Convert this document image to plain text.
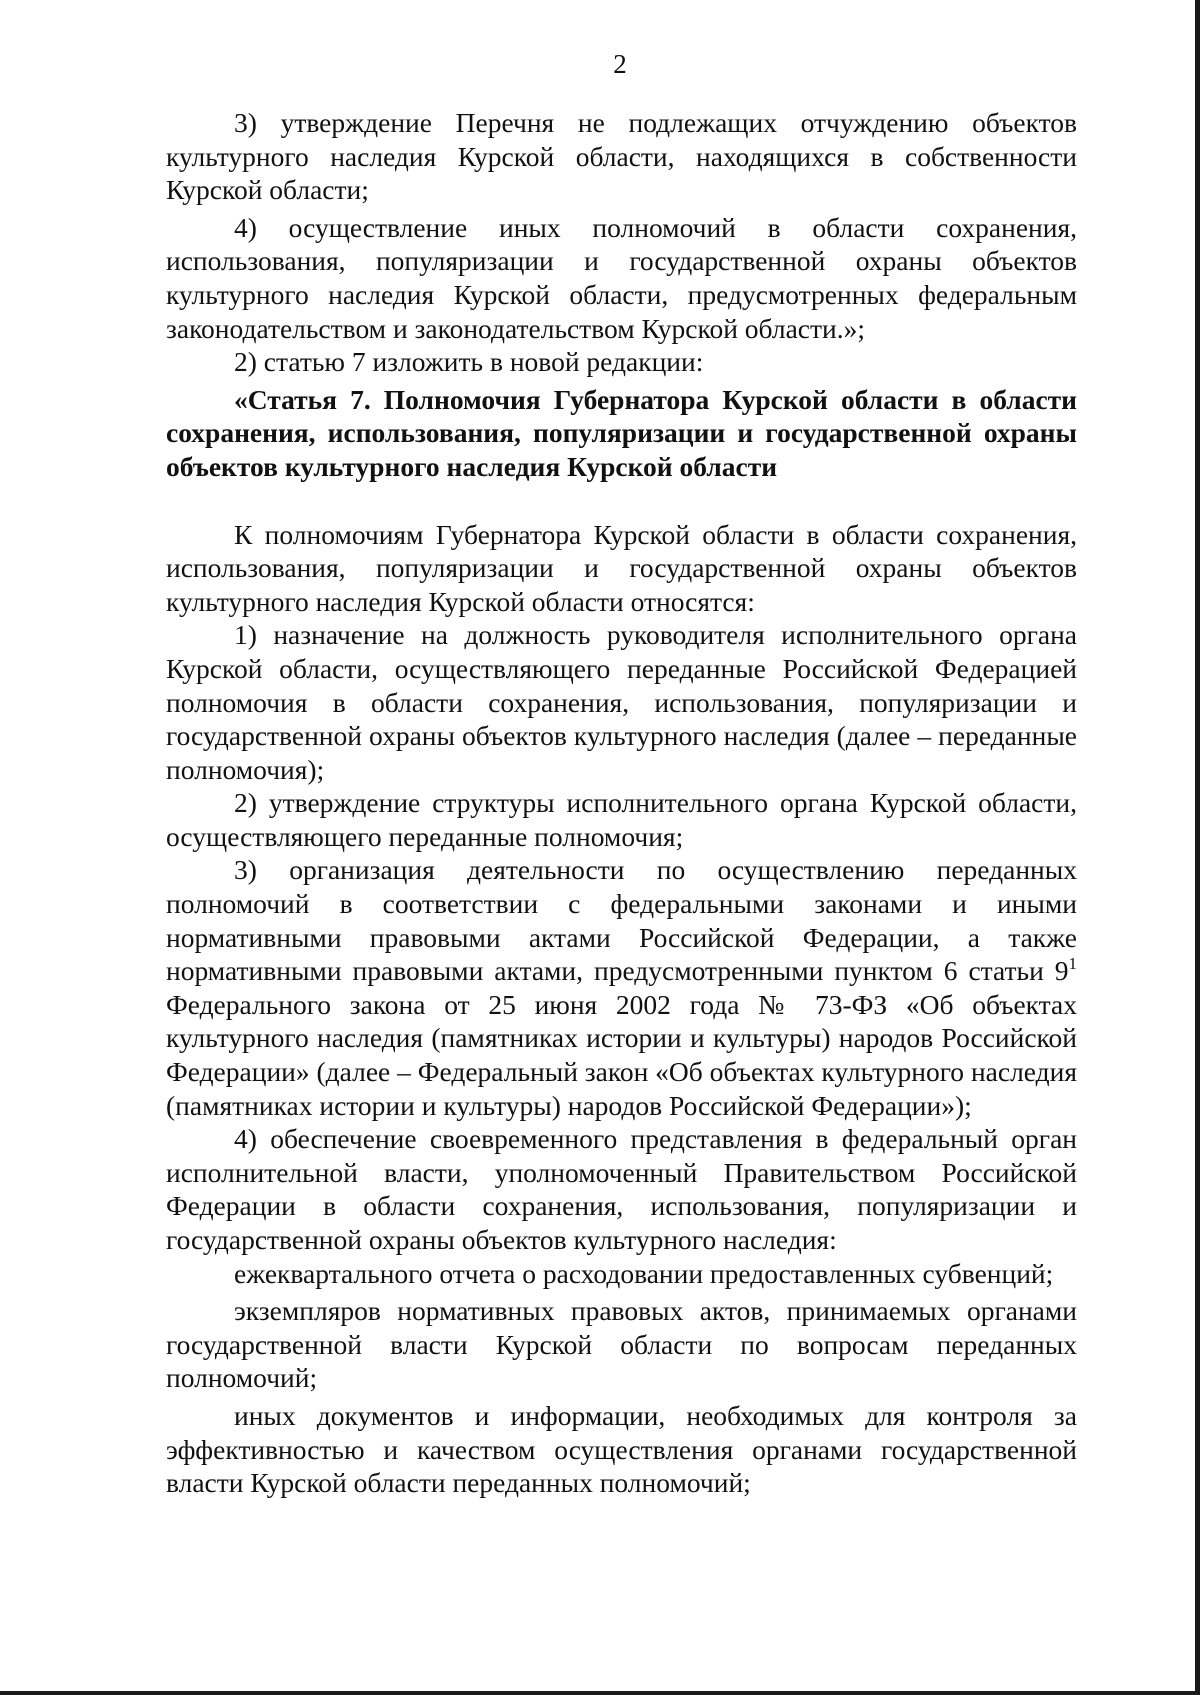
2

3) утверждение Перечня не подлежащих отчуждению объектов культурного наследия Курской области, находящихся в собственности Курской области;

4) осуществление иных полномочий в области сохранения, использования, популяризации и государственной охраны объектов культурного наследия Курской области, предусмотренных федеральным законодательством и законодательством Курской области.»;

2) статью 7 изложить в новой редакции:

«Статья 7. Полномочия Губернатора Курской области в области сохранения, использования, популяризации и государственной охраны объектов культурного наследия Курской области

К полномочиям Губернатора Курской области в области сохранения, использования, популяризации и государственной охраны объектов культурного наследия Курской области относятся:

1) назначение на должность руководителя исполнительного органа Курской области, осуществляющего переданные Российской Федерацией полномочия в области сохранения, использования, популяризации и государственной охраны объектов культурного наследия (далее – переданные полномочия);

2) утверждение структуры исполнительного органа Курской области, осуществляющего переданные полномочия;

3) организация деятельности по осуществлению переданных полномочий в соответствии с федеральными законами и иными нормативными правовыми актами Российской Федерации, а также нормативными правовыми актами, предусмотренными пунктом 6 статьи $9^1$ Федерального закона от 25 июня 2002 года № 73-ФЗ «Об объектах культурного наследия (памятниках истории и культуры) народов Российской Федерации» (далее – Федеральный закон «Об объектах культурного наследия (памятниках истории и культуры) народов Российской Федерации»);

4) обеспечение своевременного представления в федеральный орган исполнительной власти, уполномоченный Правительством Российской Федерации в области сохранения, использования, популяризации и государственной охраны объектов культурного наследия:

ежеквартального отчета о расходовании предоставленных субвенций;

экземпляров нормативных правовых актов, принимаемых органами государственной власти Курской области по вопросам переданных полномочий;

иных документов и информации, необходимых для контроля за эффективностью и качеством осуществления органами государственной власти Курской области переданных полномочий;
